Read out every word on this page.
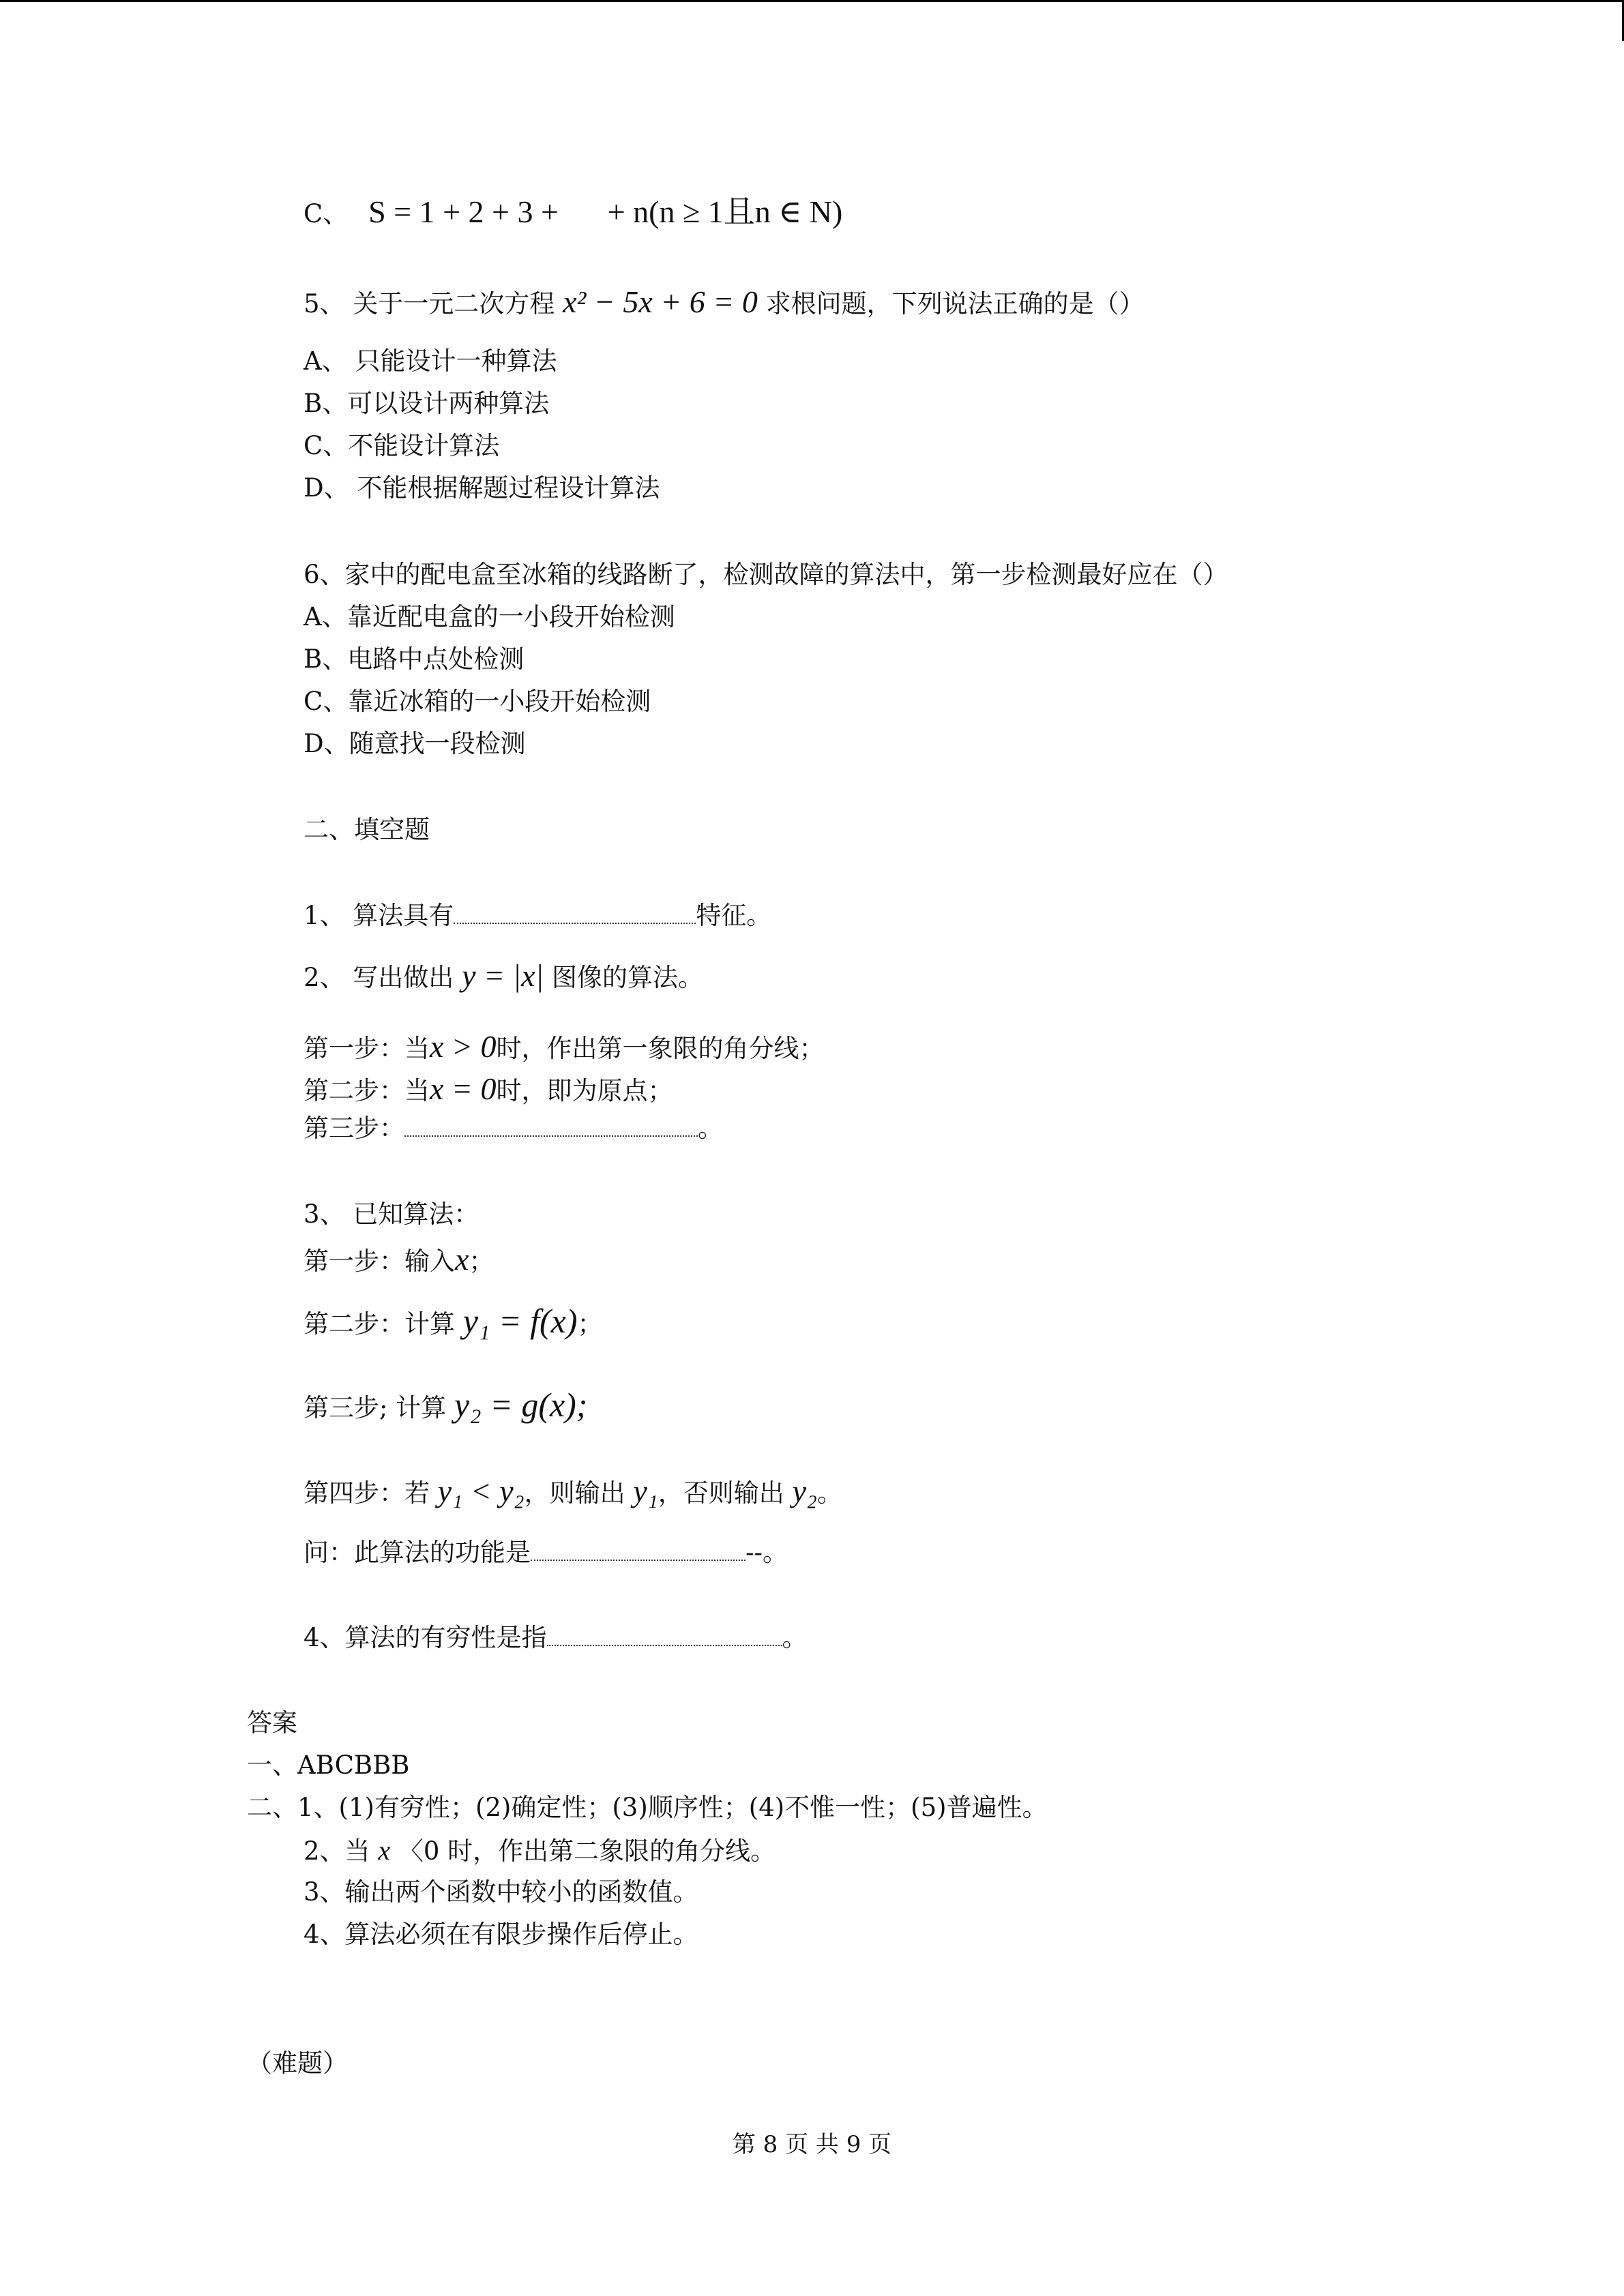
C、 S = 1 + 2 + 3 + + n(n ≥ 1且n ∈ N)
5、 关于一元二次方程 x² − 5x + 6 = 0 求根问题，下列说法正确的是（）
A、 只能设计一种算法
B、可以设计两种算法
C、不能设计算法
D、 不能根据解题过程设计算法
6、家中的配电盒至冰箱的线路断了，检测故障的算法中，第一步检测最好应在（）
A、靠近配电盒的一小段开始检测
B、电路中点处检测
C、靠近冰箱的一小段开始检测
D、随意找一段检测
二、填空题
1、 算法具有	特征。
2、 写出做出 y = |x| 图像的算法。
第一步：当x > 0时，作出第一象限的角分线；
第二步：当x = 0时，即为原点；
第三步：	。
3、 已知算法：
第一步：输入x；
第二步：计算 y₁ = f(x)；
第三步; 计算 y₂ = g(x);
第四步：若 y₁ < y₂，则输出 y₁，否则输出 y₂。
问：此算法的功能是	--。
4、算法的有穷性是指	。
答案
一、ABCBBB
二、1、(1)有穷性；(2)确定性；(3)顺序性；(4)不惟一性；(5)普遍性。
2、当 x 〈0 时，作出第二象限的角分线。
3、输出两个函数中较小的函数值。
4、算法必须在有限步操作后停止。
（难题）
第 8 页 共 9 页
